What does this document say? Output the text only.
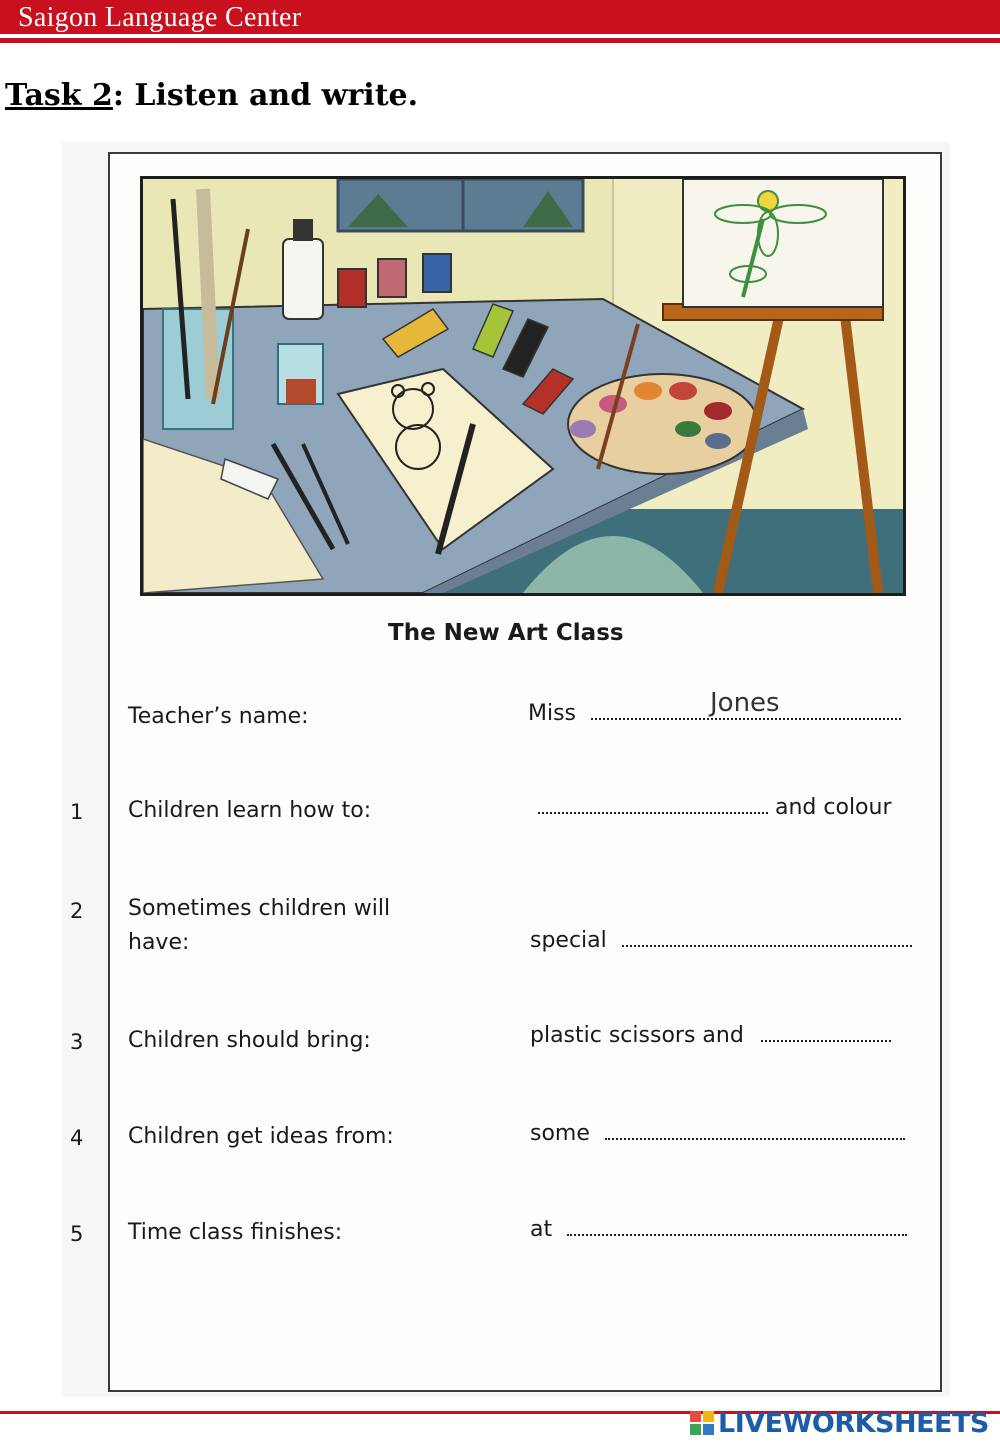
Saigon Language Center
Task 2: Listen and write.
The New Art Class
Teacher’s name:	Miss	Jones
1 Children learn how to:	and colour
2 Sometimes children will have:	special
3 Children should bring:	plastic scissors and
4 Children get ideas from:	some
5 Time class finishes:	at
LIVEWORKSHEETS
